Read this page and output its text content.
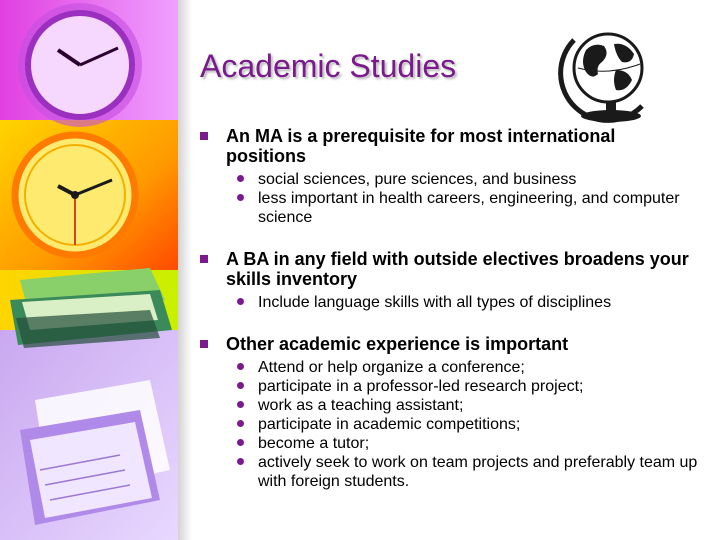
Academic Studies
An MA is a prerequisite for most international positions
social sciences, pure sciences, and business
less important in health careers, engineering, and computer science
A BA in any field with outside electives broadens your skills inventory
Include language skills with all types of disciplines
Other academic experience is important
Attend or help organize a conference;
participate in a professor-led research project;
work as a teaching assistant;
participate in academic competitions;
become a tutor;
actively seek to work on team projects and preferably team up with foreign students.
